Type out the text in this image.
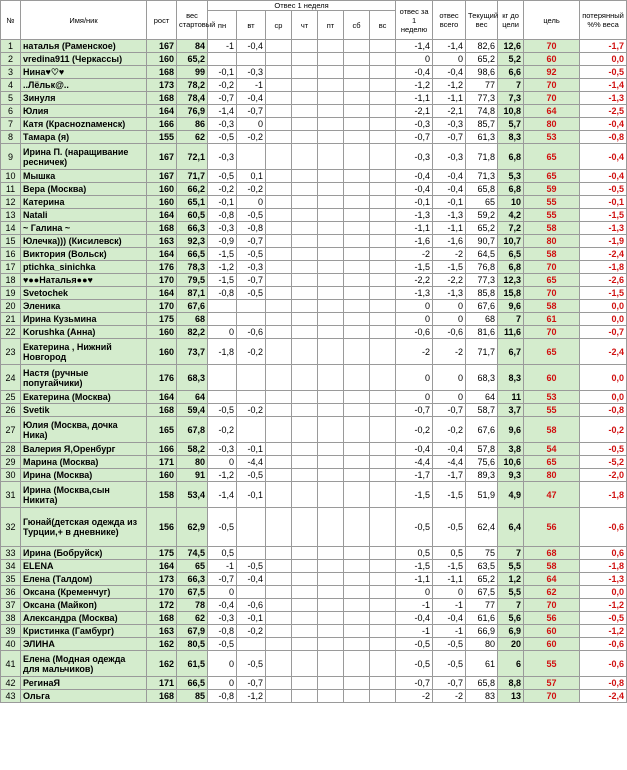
№	Имя/ник	рост	вес стартовый	Отвес 1 неделя							отвес за 1 неделю	отвес всего	Текущий вес	кг до цели	цель	потерянный %% веса
				пн	вт	ср	чт	пт	сб	вс						
1	наталья (Раменское)	167	84	-1	-0,4						-1,4	-1,4	82,6	12,6	70	-1,7
2	vredina911 (Черкассы)	160	65,2								0	0	65,2	5,2	60	0,0
3	Нина♥♡♥	168	99	-0,1	-0,3						-0,4	-0,4	98,6	6,6	92	-0,5
4	..Лёльк@..	173	78,2	-0,2	-1						-1,2	-1,2	77	7	70	-1,4
5	Зинуля	168	78,4	-0,7	-0,4						-1,1	-1,1	77,3	7,3	70	-1,3
6	Юлия	164	76,9	-1,4	-0,7						-2,1	-2,1	74,8	10,8	64	-2,5
7	Катя (Красноznаменск)	166	86	-0,3	0						-0,3	-0,3	85,7	5,7	80	-0,4
8	Тамара (я)	155	62	-0,5	-0,2						-0,7	-0,7	61,3	8,3	53	-0,8
9	Ирина П. (наращивание ресничек)	167	72,1	-0,3							-0,3	-0,3	71,8	6,8	65	-0,4
10	Мышка	167	71,7	-0,5	0,1						-0,4	-0,4	71,3	5,3	65	-0,4
11	Вера (Москва)	160	66,2	-0,2	-0,2						-0,4	-0,4	65,8	6,8	59	-0,5
12	Катерина	160	65,1	-0,1	0						-0,1	-0,1	65	10	55	-0,1
13	Natali	164	60,5	-0,8	-0,5						-1,3	-1,3	59,2	4,2	55	-1,5
14	~ Галина ~	168	66,3	-0,3	-0,8						-1,1	-1,1	65,2	7,2	58	-1,3
15	Юлечка))) (Кисилевск)	163	92,3	-0,9	-0,7						-1,6	-1,6	90,7	10,7	80	-1,9
16	Виктория (Вольск)	164	66,5	-1,5	-0,5						-2	-2	64,5	6,5	58	-2,4
17	ptichka_sinichka	176	78,3	-1,2	-0,3						-1,5	-1,5	76,8	6,8	70	-1,8
18	♥●●Наталья●●♥	170	79,5	-1,5	-0,7						-2,2	-2,2	77,3	12,3	65	-2,6
19	Svetochek	164	87,1	-0,8	-0,5						-1,3	-1,3	85,8	15,8	70	-1,5
20	Эленика	170	67,6								0	0	67,6	9,6	58	0,0
21	Ирина Кузьмина	175	68								0	0	68	7	61	0,0
22	Korushka (Анна)	160	82,2	0	-0,6						-0,6	-0,6	81,6	11,6	70	-0,7
23	Екатерина , Нижний Новгород	160	73,7	-1,8	-0,2						-2	-2	71,7	6,7	65	-2,4
24	Настя (ручные попугайчики)	176	68,3								0	0	68,3	8,3	60	0,0
25	Екатерина (Москва)	164	64								0	0	64	11	53	0,0
26	Svetik	168	59,4	-0,5	-0,2						-0,7	-0,7	58,7	3,7	55	-0,8
27	Юлия (Москва, дочка Ника)	165	67,8	-0,2							-0,2	-0,2	67,6	9,6	58	-0,2
28	Валерия Я,Оренбург	166	58,2	-0,3	-0,1						-0,4	-0,4	57,8	3,8	54	-0,5
29	Марина (Москва)	171	80	0	-4,4						-4,4	-4,4	75,6	10,6	65	-5,2
30	Ирина (Москва)	160	91	-1,2	-0,5						-1,7	-1,7	89,3	9,3	80	-2,0
31	Ирина (Москва,сын Никита)	158	53,4	-1,4	-0,1						-1,5	-1,5	51,9	4,9	47	-1,8
32	Гюнай(детская одежда из Турции,+ в дневнике)	156	62,9	-0,5							-0,5	-0,5	62,4	6,4	56	-0,6
33	Ирина (Бобруйск)	175	74,5	0,5							0,5	0,5	75	7	68	0,6
34	ELENA	164	65	-1	-0,5						-1,5	-1,5	63,5	5,5	58	-1,8
35	Елена (Талдом)	173	66,3	-0,7	-0,4						-1,1	-1,1	65,2	1,2	64	-1,3
36	Оксана (Кременчуг)	170	67,5	0							0	0	67,5	5,5	62	0,0
37	Оксана (Майкоп)	172	78	-0,4	-0,6						-1	-1	77	7	70	-1,2
38	Александра (Москва)	168	62	-0,3	-0,1						-0,4	-0,4	61,6	5,6	56	-0,5
39	Кристинка (Гамбург)	163	67,9	-0,8	-0,2						-1	-1	66,9	6,9	60	-1,2
40	ЭЛИНА	162	80,5	-0,5							-0,5	-0,5	80	20	60	-0,6
41	Елена (Модная одежда для мальчиков)	162	61,5	0	-0,5						-0,5	-0,5	61	6	55	-0,6
42	РегинаЯ	171	66,5	0	-0,7						-0,7	-0,7	65,8	8,8	57	-0,8
43	Ольга	168	85	-0,8	-1,2						-2	-2	83	13	70	-2,4
